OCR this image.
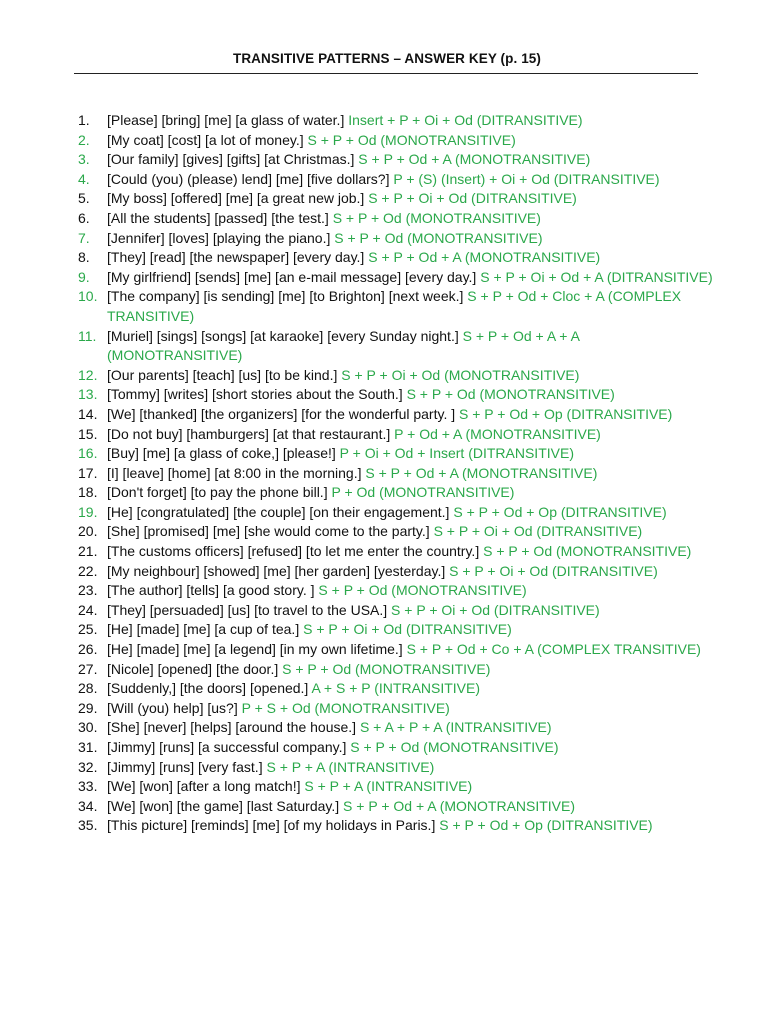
TRANSITIVE PATTERNS – ANSWER KEY (p. 15)
1.	[Please] [bring] [me] [a glass of water.] Insert + P + Oi + Od (DITRANSITIVE)
2.	[My coat] [cost] [a lot of money.] S + P + Od (MONOTRANSITIVE)
3.	[Our family] [gives] [gifts] [at Christmas.] S + P + Od + A (MONOTRANSITIVE)
4.	[Could (you) (please) lend] [me] [five dollars?] P + (S) (Insert) + Oi + Od (DITRANSITIVE)
5.	[My boss] [offered] [me] [a great new job.] S + P + Oi + Od (DITRANSITIVE)
6.	[All the students] [passed] [the test.] S + P + Od (MONOTRANSITIVE)
7.	[Jennifer] [loves] [playing the piano.] S + P + Od (MONOTRANSITIVE)
8.	[They] [read] [the newspaper] [every day.] S + P + Od + A (MONOTRANSITIVE)
9.	[My girlfriend] [sends] [me] [an e-mail message] [every day.] S + P + Oi + Od + A (DITRANSITIVE)
10. [The company] [is sending] [me] [to Brighton] [next week.] S + P + Od + Cloc + A (COMPLEX TRANSITIVE)
11. [Muriel] [sings] [songs] [at karaoke] [every Sunday night.] S + P + Od + A + A (MONOTRANSITIVE)
12. [Our parents] [teach] [us] [to be kind.] S + P + Oi + Od (MONOTRANSITIVE)
13. [Tommy] [writes] [short stories about the South.] S + P + Od (MONOTRANSITIVE)
14. [We] [thanked] [the organizers] [for the wonderful party. ] S + P + Od + Op (DITRANSITIVE)
15. [Do not buy] [hamburgers] [at that restaurant.] P + Od + A (MONOTRANSITIVE)
16. [Buy] [me] [a glass of coke,] [please!] P + Oi + Od + Insert (DITRANSITIVE)
17. [I] [leave] [home] [at 8:00 in the morning.] S + P + Od + A (MONOTRANSITIVE)
18. [Don't forget] [to pay the phone bill.] P + Od (MONOTRANSITIVE)
19. [He] [congratulated] [the couple] [on their engagement.] S + P + Od + Op (DITRANSITIVE)
20. [She] [promised] [me] [she would come to the party.] S + P + Oi + Od (DITRANSITIVE)
21. [The customs officers] [refused] [to let me enter the country.] S + P + Od (MONOTRANSITIVE)
22. [My neighbour] [showed] [me] [her garden] [yesterday.] S + P + Oi + Od (DITRANSITIVE)
23. [The author] [tells] [a good story. ] S + P + Od (MONOTRANSITIVE)
24. [They] [persuaded] [us] [to travel to the USA.] S + P + Oi + Od (DITRANSITIVE)
25. [He] [made] [me] [a cup of tea.] S + P + Oi + Od (DITRANSITIVE)
26. [He] [made] [me] [a legend] [in my own lifetime.] S + P + Od + Co + A (COMPLEX TRANSITIVE)
27. [Nicole] [opened] [the door.] S + P + Od (MONOTRANSITIVE)
28. [Suddenly,] [the doors] [opened.] A + S + P (INTRANSITIVE)
29. [Will (you) help] [us?] P + S + Od (MONOTRANSITIVE)
30. [She] [never] [helps] [around the house.] S + A + P + A (INTRANSITIVE)
31. [Jimmy] [runs] [a successful company.] S + P + Od (MONOTRANSITIVE)
32. [Jimmy] [runs] [very fast.] S + P + A (INTRANSITIVE)
33. [We] [won] [after a long match!] S + P + A (INTRANSITIVE)
34. [We] [won] [the game] [last Saturday.] S + P + Od + A (MONOTRANSITIVE)
35. [This picture] [reminds] [me] [of my holidays in Paris.] S + P + Od + Op (DITRANSITIVE)
